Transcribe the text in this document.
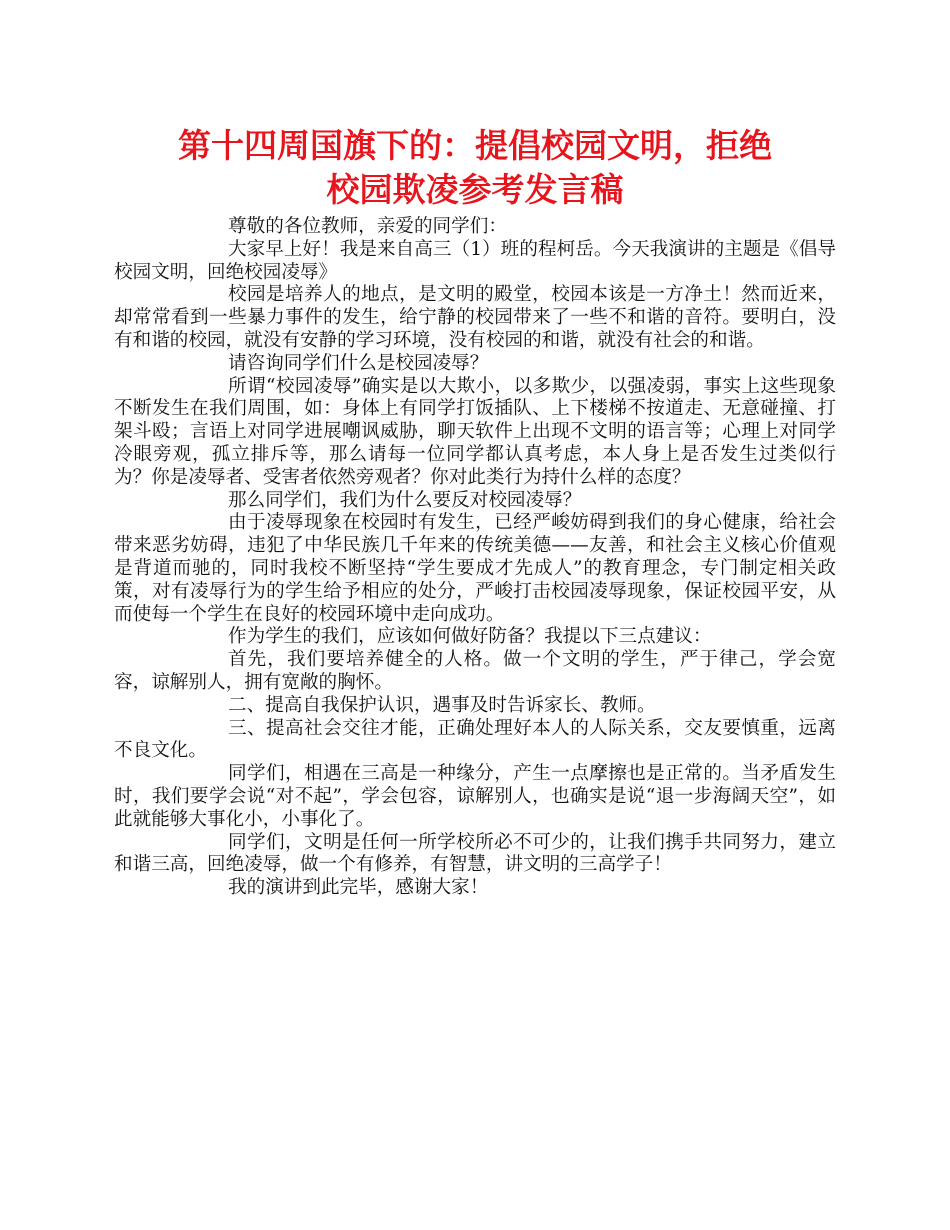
第十四周国旗下的：提倡校园文明，拒绝
校园欺凌参考发言稿

尊敬的各位教师，亲爱的同学们：

大家早上好！我是来自高三（1）班的程柯岳。今天我演讲的主题是《倡导校园文明，回绝校园凌辱》

校园是培养人的地点，是文明的殿堂，校园本该是一方净土！然而近来，却常常看到一些暴力事件的发生，给宁静的校园带来了一些不和谐的音符。要明白，没有和谐的校园，就没有安静的学习环境，没有校园的和谐，就没有社会的和谐。

请咨询同学们什么是校园凌辱？

所谓“校园凌辱”确实是以大欺小，以多欺少，以强凌弱，事实上这些现象不断发生在我们周围，如：身体上有同学打饭插队、上下楼梯不按道走、无意碰撞、打架斗殴；言语上对同学进展嘲讽威胁，聊天软件上出现不文明的语言等；心理上对同学冷眼旁观，孤立排斥等，那么请每一位同学都认真考虑，本人身上是否发生过类似行为？你是凌辱者、受害者依然旁观者？你对此类行为持什么样的态度？

那么同学们，我们为什么要反对校园凌辱？

由于凌辱现象在校园时有发生，已经严峻妨碍到我们的身心健康，给社会带来恶劣妨碍，违犯了中华民族几千年来的传统美德——友善，和社会主义核心价值观是背道而驰的，同时我校不断坚持“学生要成才先成人”的教育理念，专门制定相关政策，对有凌辱行为的学生给予相应的处分，严峻打击校园凌辱现象，保证校园平安，从而使每一个学生在良好的校园环境中走向成功。

作为学生的我们，应该如何做好防备？我提以下三点建议：

首先，我们要培养健全的人格。做一个文明的学生，严于律己，学会宽容，谅解别人，拥有宽敞的胸怀。

二、提高自我保护认识，遇事及时告诉家长、教师。

三、提高社会交往才能，正确处理好本人的人际关系，交友要慎重，远离不良文化。

同学们，相遇在三高是一种缘分，产生一点摩擦也是正常的。当矛盾发生时，我们要学会说“对不起”，学会包容，谅解别人，也确实是说“退一步海阔天空”，如此就能够大事化小，小事化了。

同学们，文明是任何一所学校所必不可少的，让我们携手共同努力，建立和谐三高，回绝凌辱，做一个有修养，有智慧，讲文明的三高学子！

我的演讲到此完毕，感谢大家！
